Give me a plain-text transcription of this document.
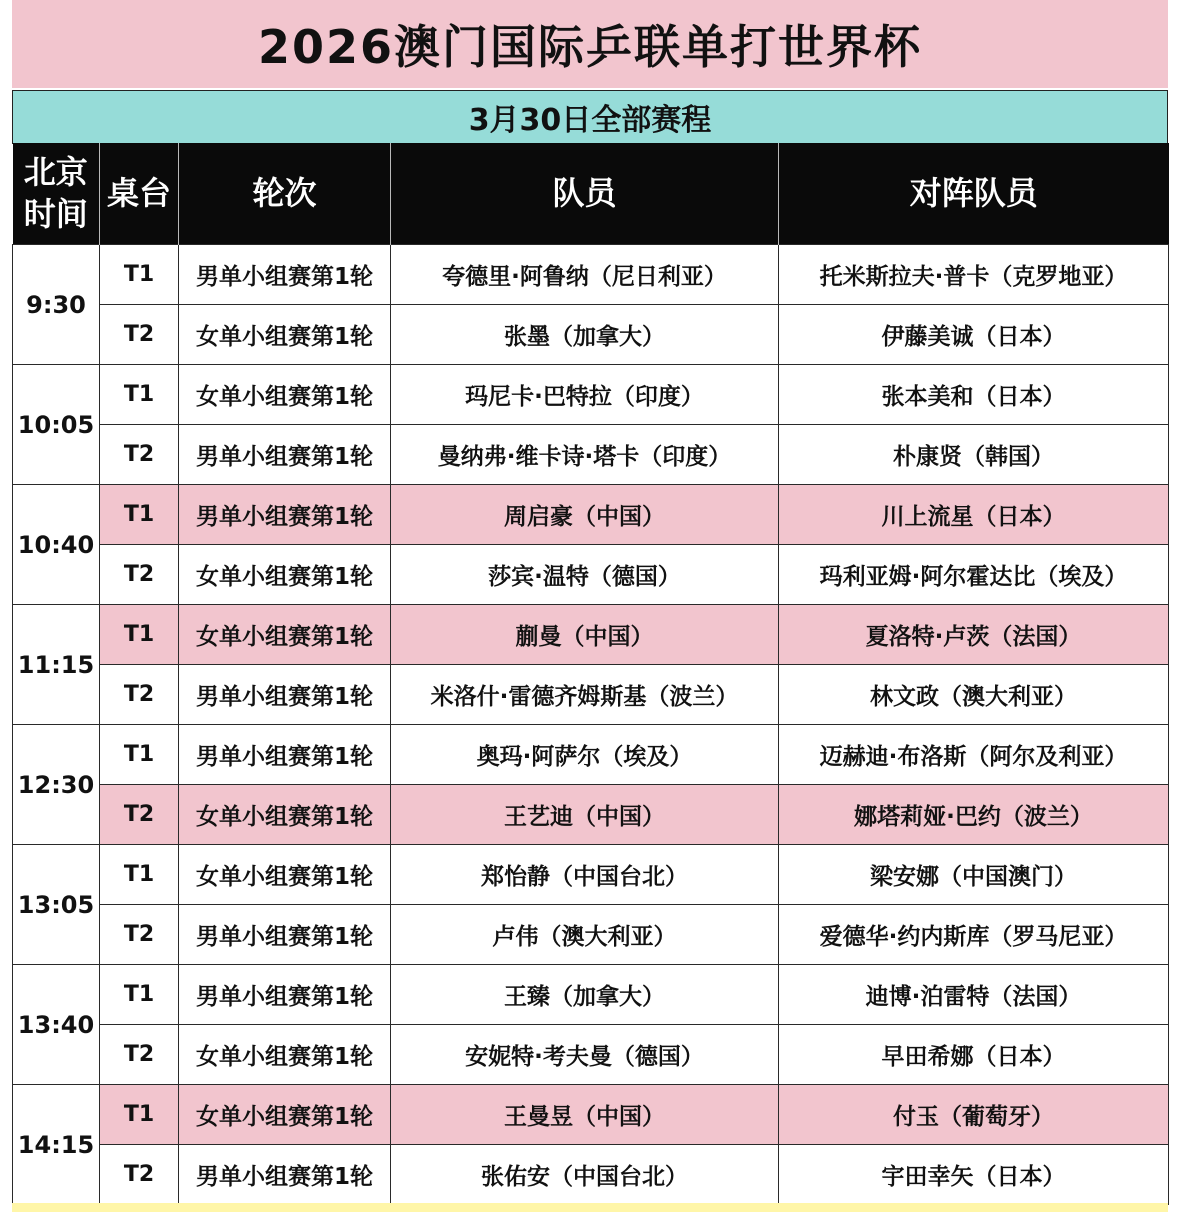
2026澳门国际乒联单打世界杯
3月30日全部赛程
北京
时间	桌台	轮次	队员	对阵队员
9:30	T1	男单小组赛第1轮	夸德里·阿鲁纳（尼日利亚）	托米斯拉夫·普卡（克罗地亚）
	T2	女单小组赛第1轮	张墨（加拿大）	伊藤美诚（日本）
10:05	T1	女单小组赛第1轮	玛尼卡·巴特拉（印度）	张本美和（日本）
	T2	男单小组赛第1轮	曼纳弗·维卡诗·塔卡（印度）	朴康贤（韩国）
10:40	T1	男单小组赛第1轮	周启豪（中国）	川上流星（日本）
	T2	女单小组赛第1轮	莎宾·温特（德国）	玛利亚姆·阿尔霍达比（埃及）
11:15	T1	女单小组赛第1轮	蒯曼（中国）	夏洛特·卢茨（法国）
	T2	男单小组赛第1轮	米洛什·雷德齐姆斯基（波兰）	林文政（澳大利亚）
12:30	T1	男单小组赛第1轮	奥玛·阿萨尔（埃及）	迈赫迪·布洛斯（阿尔及利亚）
	T2	女单小组赛第1轮	王艺迪（中国）	娜塔莉娅·巴约（波兰）
13:05	T1	女单小组赛第1轮	郑怡静（中国台北）	梁安娜（中国澳门）
	T2	男单小组赛第1轮	卢伟（澳大利亚）	爱德华·约内斯库（罗马尼亚）
13:40	T1	男单小组赛第1轮	王臻（加拿大）	迪博·泊雷特（法国）
	T2	女单小组赛第1轮	安妮特·考夫曼（德国）	早田希娜（日本）
14:15	T1	女单小组赛第1轮	王曼昱（中国）	付玉（葡萄牙）
	T2	男单小组赛第1轮	张佑安（中国台北）	宇田幸矢（日本）
